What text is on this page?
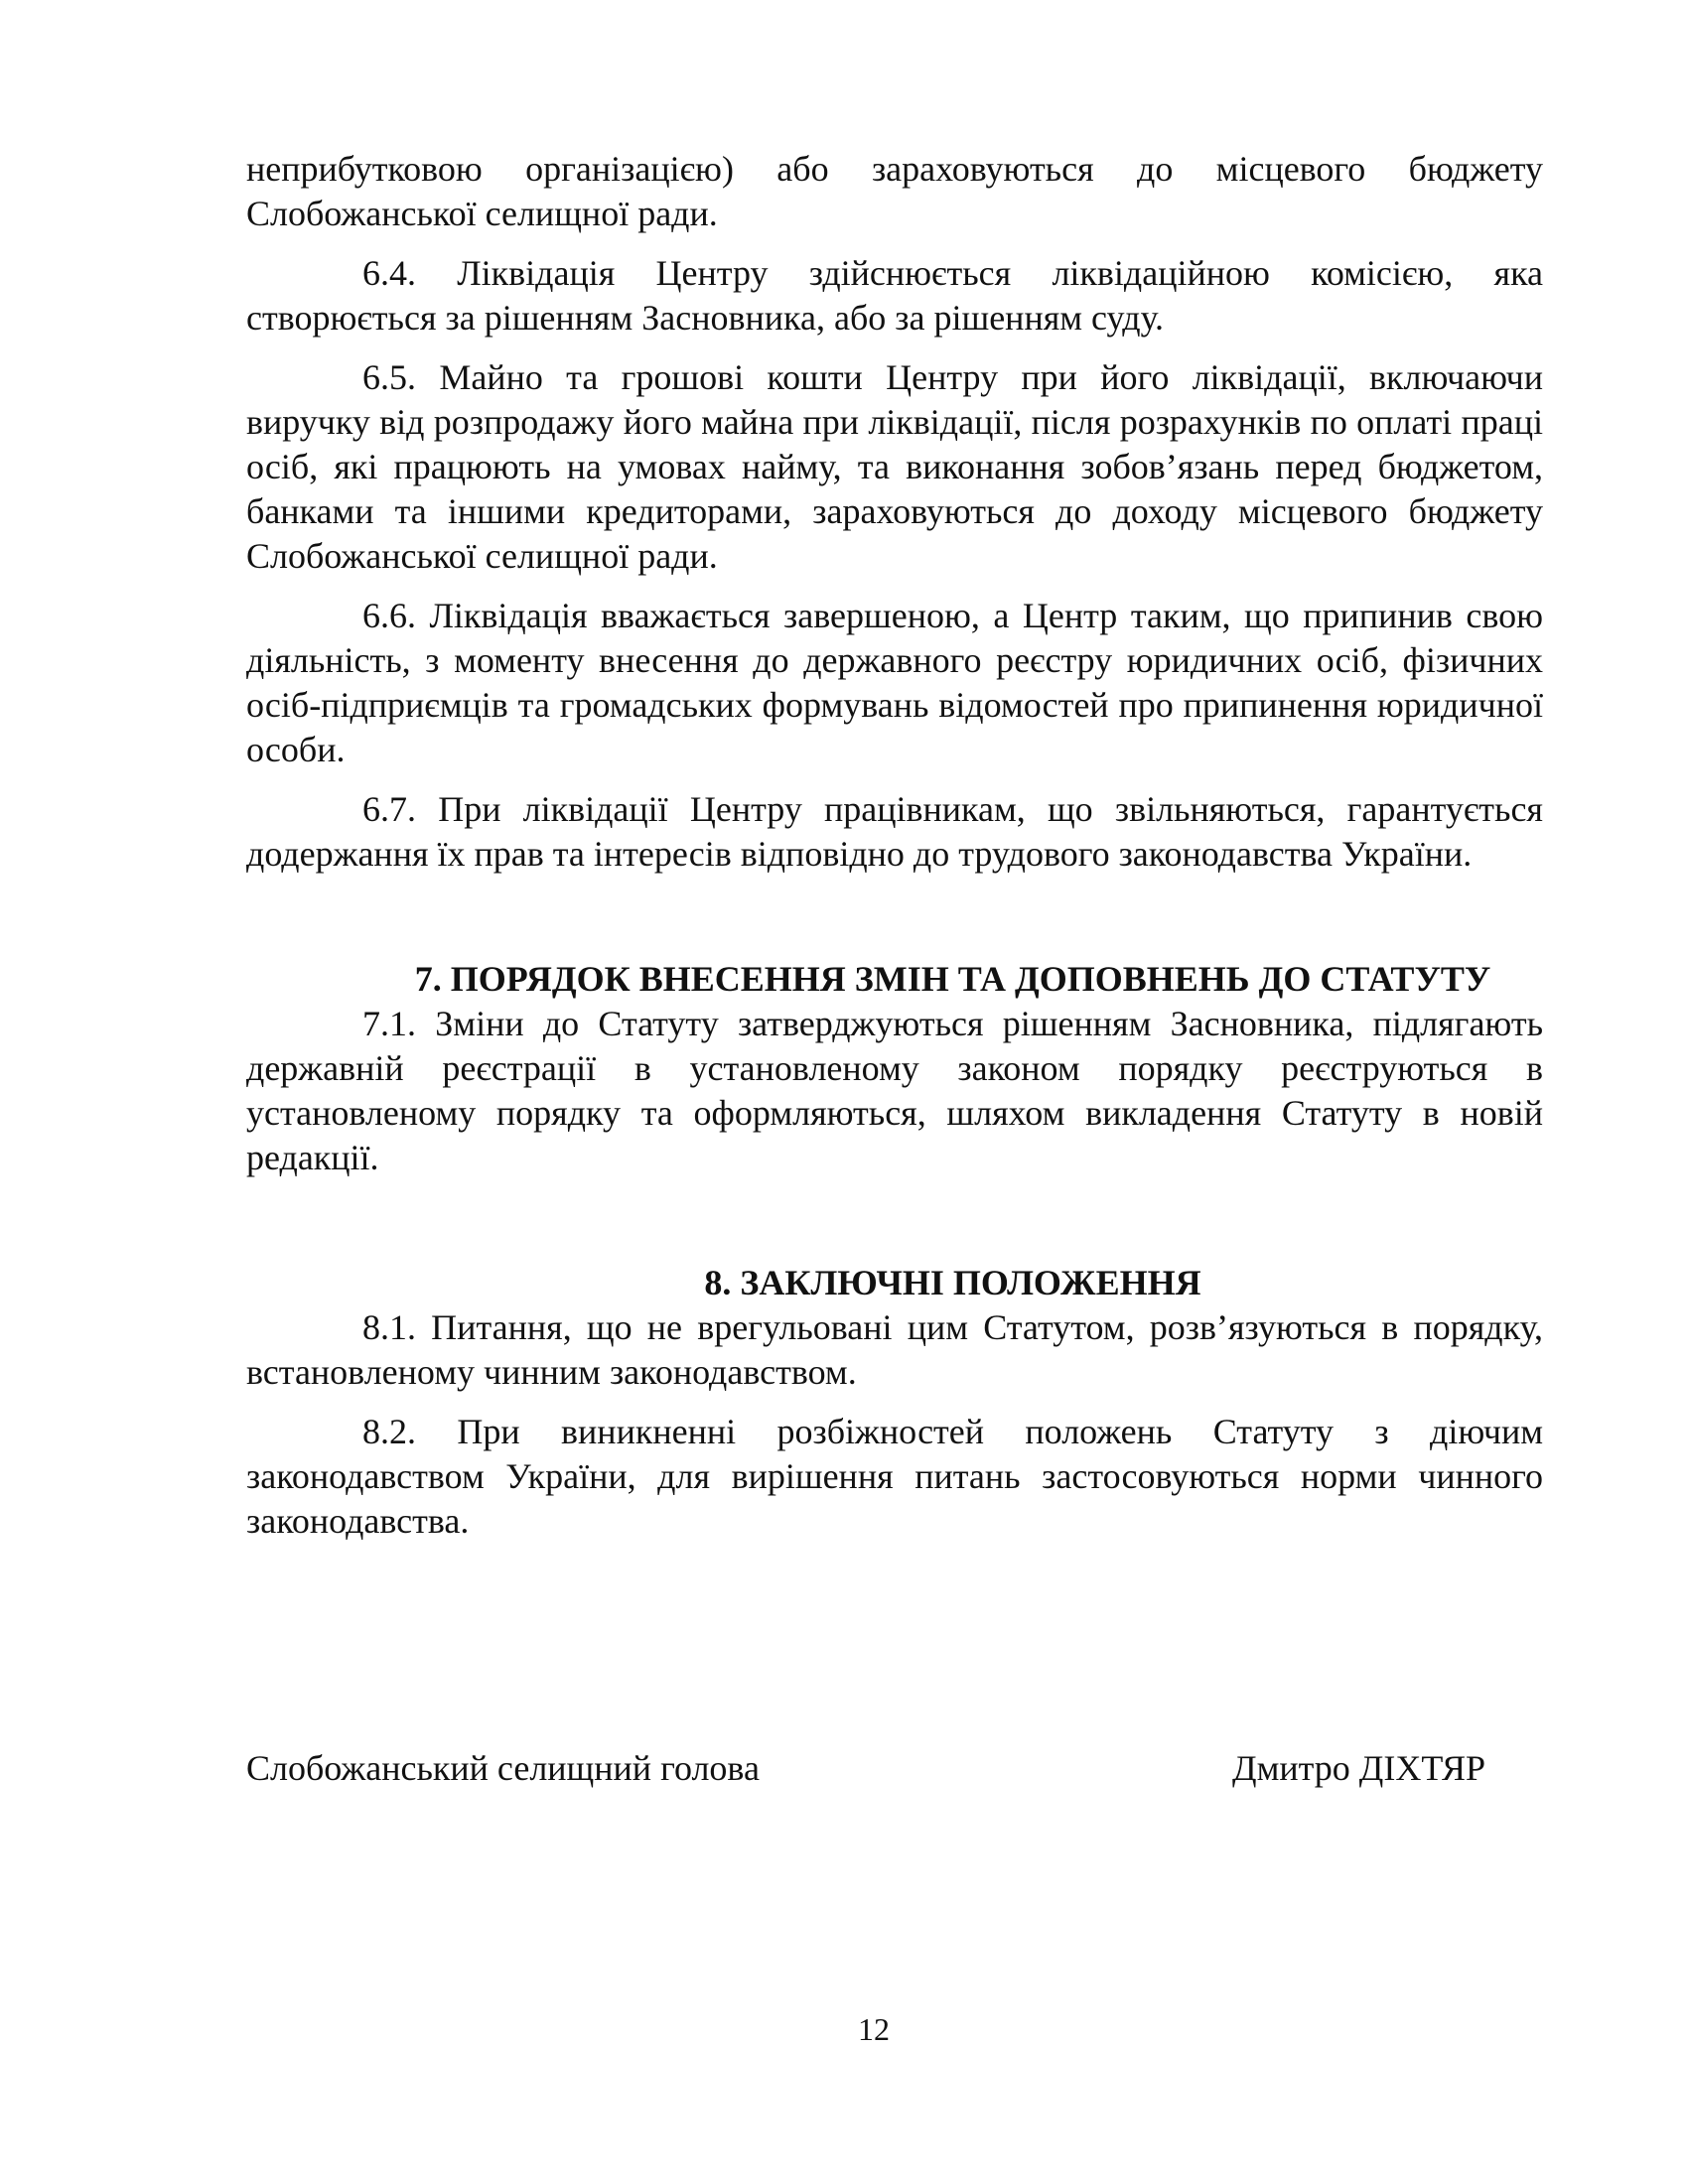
неприбутковою організацією) або зараховуються до місцевого бюджету Слобожанської селищної ради.

6.4. Ліквідація Центру здійснюється ліквідаційною комісією, яка створюється за рішенням Засновника, або за рішенням суду.

6.5. Майно та грошові кошти Центру при його ліквідації, включаючи виручку від розпродажу його майна при ліквідації, після розрахунків по оплаті праці осіб, які працюють на умовах найму, та виконання зобов’язань перед бюджетом, банками та іншими кредиторами, зараховуються до доходу місцевого бюджету Слобожанської селищної ради.

6.6. Ліквідація вважається завершеною, а Центр таким, що припинив свою діяльність, з моменту внесення до державного реєстру юридичних осіб, фізичних осіб-підприємців та громадських формувань відомостей про припинення юридичної особи.

6.7. При ліквідації Центру працівникам, що звільняються, гарантується додержання їх прав та інтересів відповідно до трудового законодавства України.

7. ПОРЯДОК ВНЕСЕННЯ ЗМІН ТА ДОПОВНЕНЬ ДО СТАТУТУ

7.1. Зміни до Статуту затверджуються рішенням Засновника, підлягають державній реєстрації в установленому законом порядку реєструються в установленому порядку та оформляються, шляхом викладення Статуту в новій редакції.

8. ЗАКЛЮЧНІ ПОЛОЖЕННЯ

8.1. Питання, що не врегульовані цим Статутом, розв’язуються в порядку, встановленому чинним законодавством.

8.2. При виникненні розбіжностей положень Статуту з діючим законодавством України, для вирішення питань застосовуються норми чинного законодавства.

Слобожанський селищний голова	Дмитро ДІХТЯР
12
